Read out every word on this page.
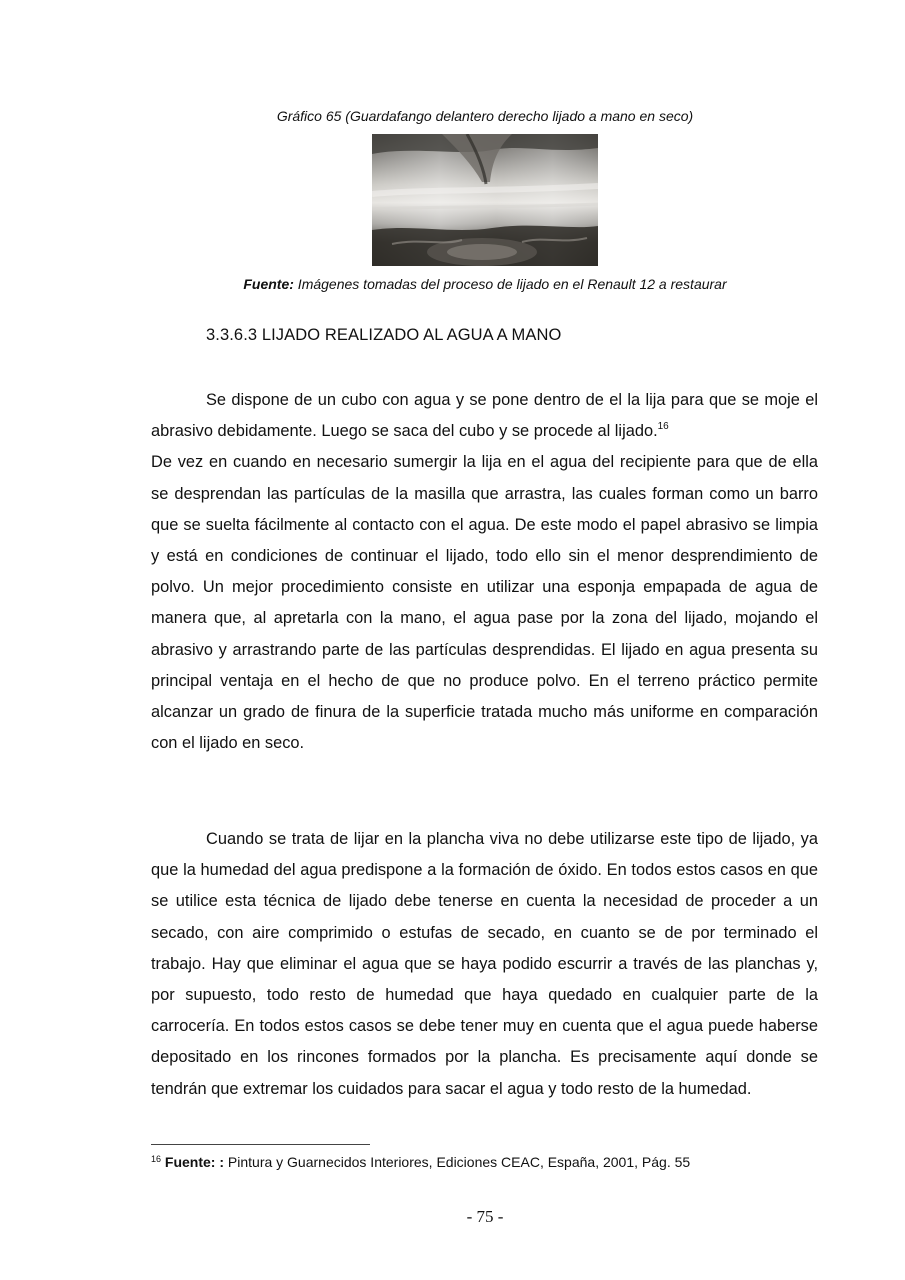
Gráfico 65 (Guardafango delantero derecho lijado a mano en seco)
Fuente: Imágenes tomadas del proceso de lijado en el Renault 12 a restaurar
3.3.6.3 LIJADO REALIZADO AL AGUA A MANO

Se dispone de un cubo con agua y se pone dentro de el la lija para que se moje el abrasivo debidamente. Luego se saca del cubo y se procede al lijado.$^{16}$

De vez en cuando en necesario sumergir la lija en el agua del recipiente para que de ella se desprendan las partículas de la masilla que arrastra, las cuales forman como un barro que se suelta fácilmente al contacto con el agua. De este modo el papel abrasivo se limpia y está en condiciones de continuar el lijado, todo ello sin el menor desprendimiento de polvo. Un mejor procedimiento consiste en utilizar una esponja empapada de agua de manera que, al apretarla con la mano, el agua pase por la zona del lijado, mojando el abrasivo y arrastrando parte de las partículas desprendidas. El lijado en agua presenta su principal ventaja en el hecho de que no produce polvo. En el terreno práctico permite alcanzar un grado de finura de la superficie tratada mucho más uniforme en comparación con el lijado en seco.

Cuando se trata de lijar en la plancha viva no debe utilizarse este tipo de lijado, ya que la humedad del agua predispone a la formación de óxido. En todos estos casos en que se utilice esta técnica de lijado debe tenerse en cuenta la necesidad de proceder a un secado, con aire comprimido o estufas de secado, en cuanto se de por terminado el trabajo. Hay que eliminar el agua que se haya podido escurrir a través de las planchas y, por supuesto, todo resto de humedad que haya quedado en cualquier parte de la carrocería. En todos estos casos se debe tener muy en cuenta que el agua puede haberse depositado en los rincones formados por la plancha. Es precisamente aquí donde se tendrán que extremar los cuidados para sacar el agua y todo resto de la humedad.

$^{16}$ Fuente: : Pintura y Guarnecidos Interiores, Ediciones CEAC, España, 2001, Pág. 55
- 75 -
